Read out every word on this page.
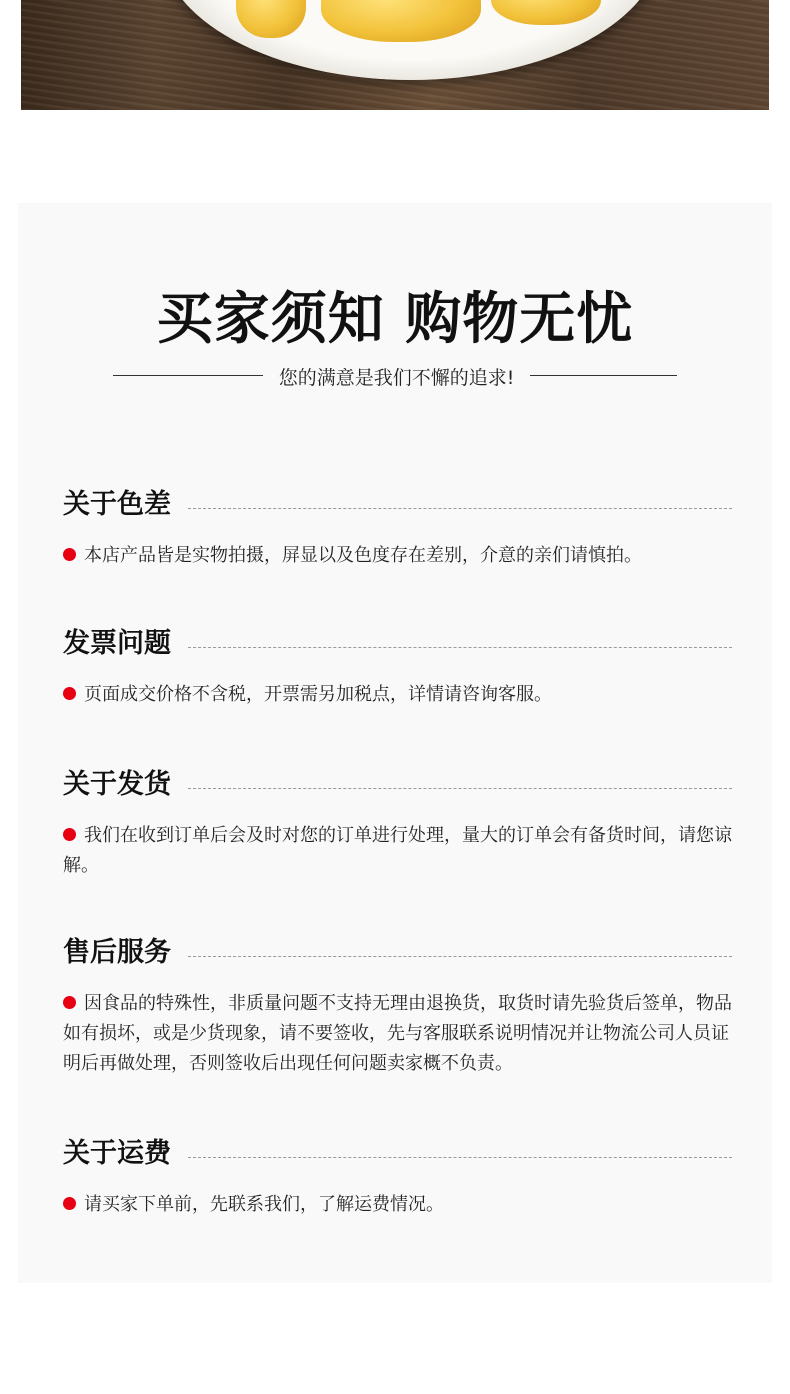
买家须知 购物无忧
您的满意是我们不懈的追求!
关于色差
本店产品皆是实物拍摄，屏显以及色度存在差别，介意的亲们请慎拍。
发票问题
页面成交价格不含税，开票需另加税点，详情请咨询客服。
关于发货
我们在收到订单后会及时对您的订单进行处理，量大的订单会有备货时间，请您谅解。
售后服务
因食品的特殊性，非质量问题不支持无理由退换货，取货时请先验货后签单，物品如有损坏，或是少货现象，请不要签收，先与客服联系说明情况并让物流公司人员证明后再做处理，否则签收后出现任何问题卖家概不负责。
关于运费
请买家下单前，先联系我们，了解运费情况。
